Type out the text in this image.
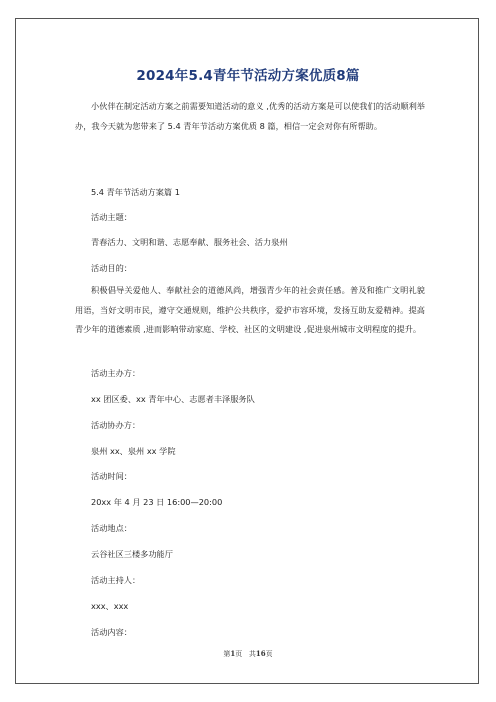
2024年5.4青年节活动方案优质8篇

小伙伴在制定活动方案之前需要知道活动的意义 ,优秀的活动方案是可以使我们的活动顺利举办，我今天就为您带来了 5.4 青年节活动方案优质 8 篇，相信一定会对你有所帮助。

5.4 青年节活动方案篇 1
活动主题：
青春活力、文明和谐、志愿奉献、服务社会、活力泉州
活动目的：

积极倡导关爱他人、奉献社会的道德风尚，增强青少年的社会责任感。普及和推广文明礼貌用语，当好文明市民，遵守交通规则，维护公共秩序，爱护市容环境，发扬互助友爱精神。提高青少年的道德素质 ,进而影响带动家庭、学校、社区的文明建设 ,促进泉州城市文明程度的提升。

活动主办方：
xx 团区委、xx 青年中心、志愿者丰泽服务队
活动协办方：
泉州 xx、泉州 xx 学院
活动时间：
20xx 年 4 月 23 日 16:00—20:00
活动地点：
云谷社区三楼多功能厅
活动主持人：
xxx、xxx
活动内容：
第1页 共16页
